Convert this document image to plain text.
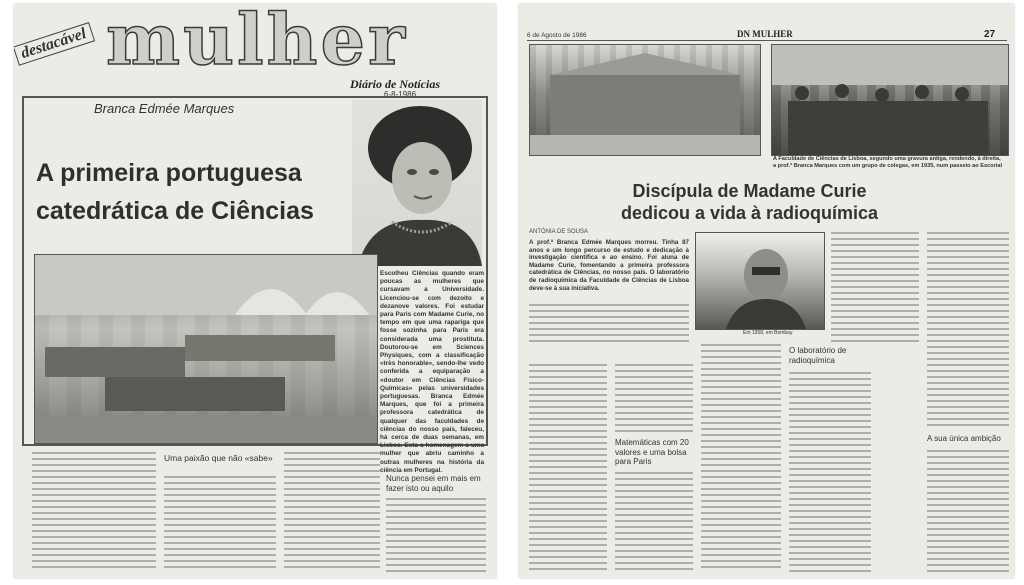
mulher
destacável
Diário de Notícias
6-8-1986
Branca Edmée Marques
A primeira portuguesa
catedrática de Ciências
Escolheu Ciências quando eram poucas as mulheres que cursavam a Universidade. Licenciou-se com dezoito e dezanove valores. Foi estudar para Paris com Madame Curie, no tempo em que uma rapariga que fosse sozinha para Paris era considerada uma prostituta. Doutorou-se em Sciences Physiques, com a classificação «très honorable», sendo-lhe vedo conferida a equiparação a «doutor em Ciências Físico-Químicas» pelas universidades portuguesas. Branca Edmée Marques, que foi a primeira professora catedrática de qualquer das faculdades de ciências do nosso país, faleceu, há cerca de duas semanas, em Lisboa. Esta a homenagem a uma mulher que abriu caminho a outras mulheres na história da ciência em Portugal.
Uma paixão que não «sabe»
Nunca pensei em mais em fazer isto ou aquilo
6 de Agosto de 1986	DN MULHER	27
A Faculdade de Ciências de Lisboa, segundo uma gravura antiga, rendendo, à direita, a prof.ª Branca Marques com um grupo de colegas, em 1935, num passeio ao Escorial
Discípula de Madame Curie
dedicou a vida à radioquímica
ANTÓNIA DE SOUSA
A prof.ª Branca Edmée Marques morreu. Tinha 87 anos e um longo percurso de estudo e dedicação à investigação científica e ao ensino. Foi aluna de Madame Curie, fomentando a primeira professora catedrática de Ciências, no nosso país. O laboratório de radioquímica da Faculdade de Ciências de Lisboa deve-se à sua iniciativa.
Em 1958, em Bombay
Matemáticas com 20 valores e uma bolsa para Paris
O laboratório de radioquímica
A sua única ambição
